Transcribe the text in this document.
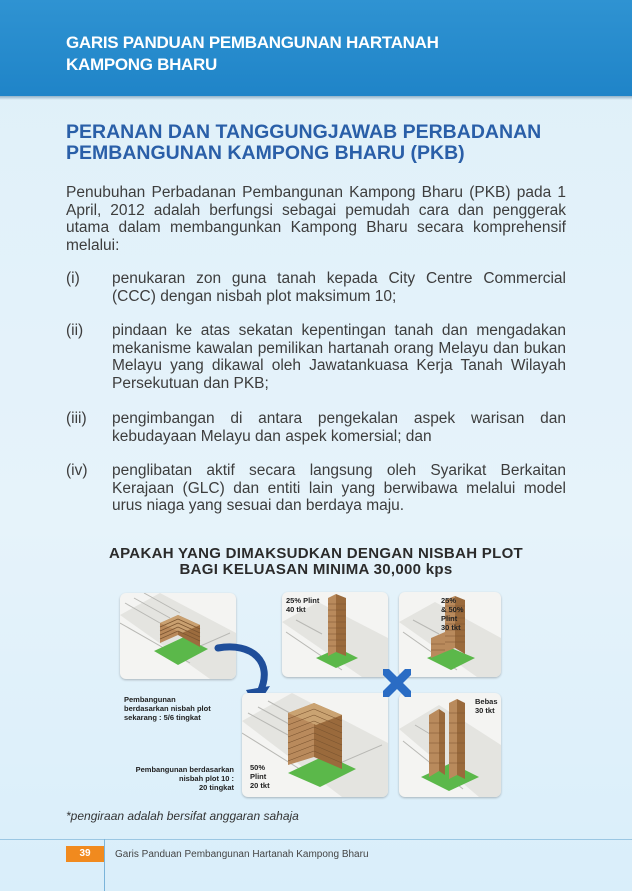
GARIS PANDUAN PEMBANGUNAN HARTANAH
KAMPONG BHARU
PERANAN DAN TANGGUNGJAWAB PERBADANAN
PEMBANGUNAN KAMPONG BHARU (PKB)
Penubuhan Perbadanan Pembangunan Kampong Bharu (PKB) pada 1 April, 2012 adalah berfungsi sebagai pemudah cara dan penggerak utama dalam membangunkan Kampong Bharu secara komprehensif melalui:
(i) penukaran zon guna tanah kepada City Centre Commercial (CCC) dengan nisbah plot maksimum 10;
(ii) pindaan ke atas sekatan kepentingan tanah dan mengadakan mekanisme kawalan pemilikan hartanah orang Melayu dan bukan Melayu yang dikawal oleh Jawatankuasa Kerja Tanah Wilayah Persekutuan dan PKB;
(iii) pengimbangan di antara pengekalan aspek warisan dan kebudayaan Melayu dan aspek komersial; dan
(iv) penglibatan aktif secara langsung oleh Syarikat Berkaitan Kerajaan (GLC) dan entiti lain yang berwibawa melalui model urus niaga yang sesuai dan berdaya maju.
APAKAH YANG DIMAKSUDKAN DENGAN NISBAH PLOT
BAGI KELUASAN MINIMA 30,000 kps
Pembangunan
berdasarkan nisbah plot
sekarang : 5/6 tingkat
50%
Plint
20 tkt
Pembangunan berdasarkan
nisbah plot 10 :
20 tingkat
25% Plint
40 tkt
25%
& 50%
Plint
30 tkt
Bebas
30 tkt
*pengiraan adalah bersifat anggaran sahaja
39	Garis Panduan Pembangunan Hartanah Kampong Bharu
